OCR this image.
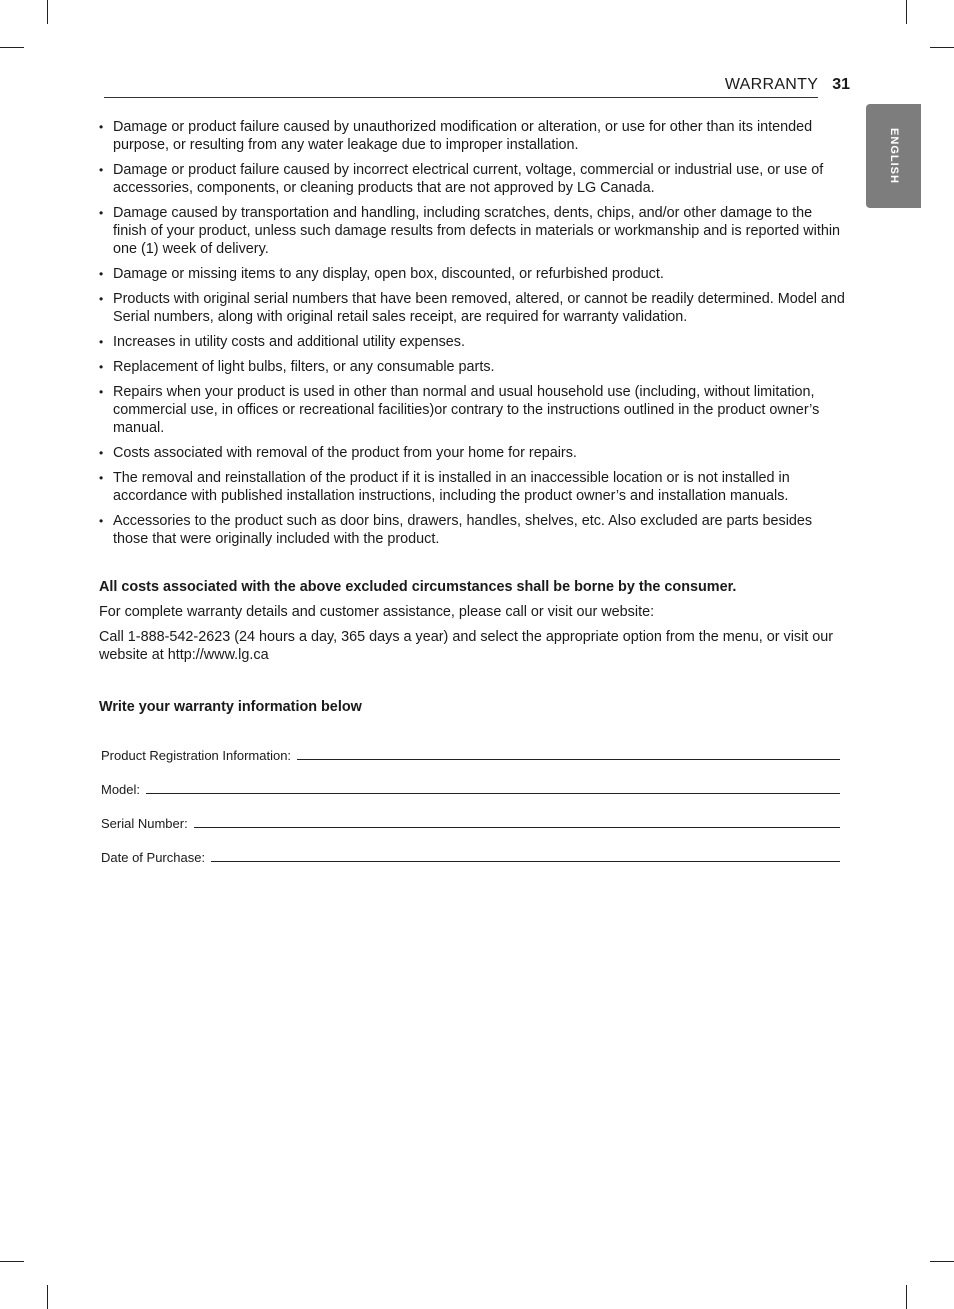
WARRANTY 31
ENGLISH
• Damage or product failure caused by unauthorized modification or alteration, or use for other than its intended purpose, or resulting from any water leakage due to improper installation.
• Damage or product failure caused by incorrect electrical current, voltage, commercial or industrial use, or use of accessories, components, or cleaning products that are not approved by LG Canada.
• Damage caused by transportation and handling, including scratches, dents, chips, and/or other damage to the finish of your product, unless such damage results from defects in materials or workmanship and is reported within one (1) week of delivery.
• Damage or missing items to any display, open box, discounted, or refurbished product.
• Products with original serial numbers that have been removed, altered, or cannot be readily determined. Model and Serial numbers, along with original retail sales receipt, are required for warranty validation.
• Increases in utility costs and additional utility expenses.
• Replacement of light bulbs, filters, or any consumable parts.
• Repairs when your product is used in other than normal and usual household use (including, without limitation, commercial use, in offices or recreational facilities)or contrary to the instructions outlined in the product owner’s manual.
• Costs associated with removal of the product from your home for repairs.
• The removal and reinstallation of the product if it is installed in an inaccessible location or is not installed in accordance with published installation instructions, including the product owner’s and installation manuals.
• Accessories to the product such as door bins, drawers, handles, shelves, etc. Also excluded are parts besides those that were originally included with the product.

All costs associated with the above excluded circumstances shall be borne by the consumer.

For complete warranty details and customer assistance, please call or visit our website:

Call 1-888-542-2623 (24 hours a day, 365 days a year) and select the appropriate option from the menu, or visit our website at http://www.lg.ca

Write your warranty information below

Product Registration Information:
Model:
Serial Number:
Date of Purchase:
